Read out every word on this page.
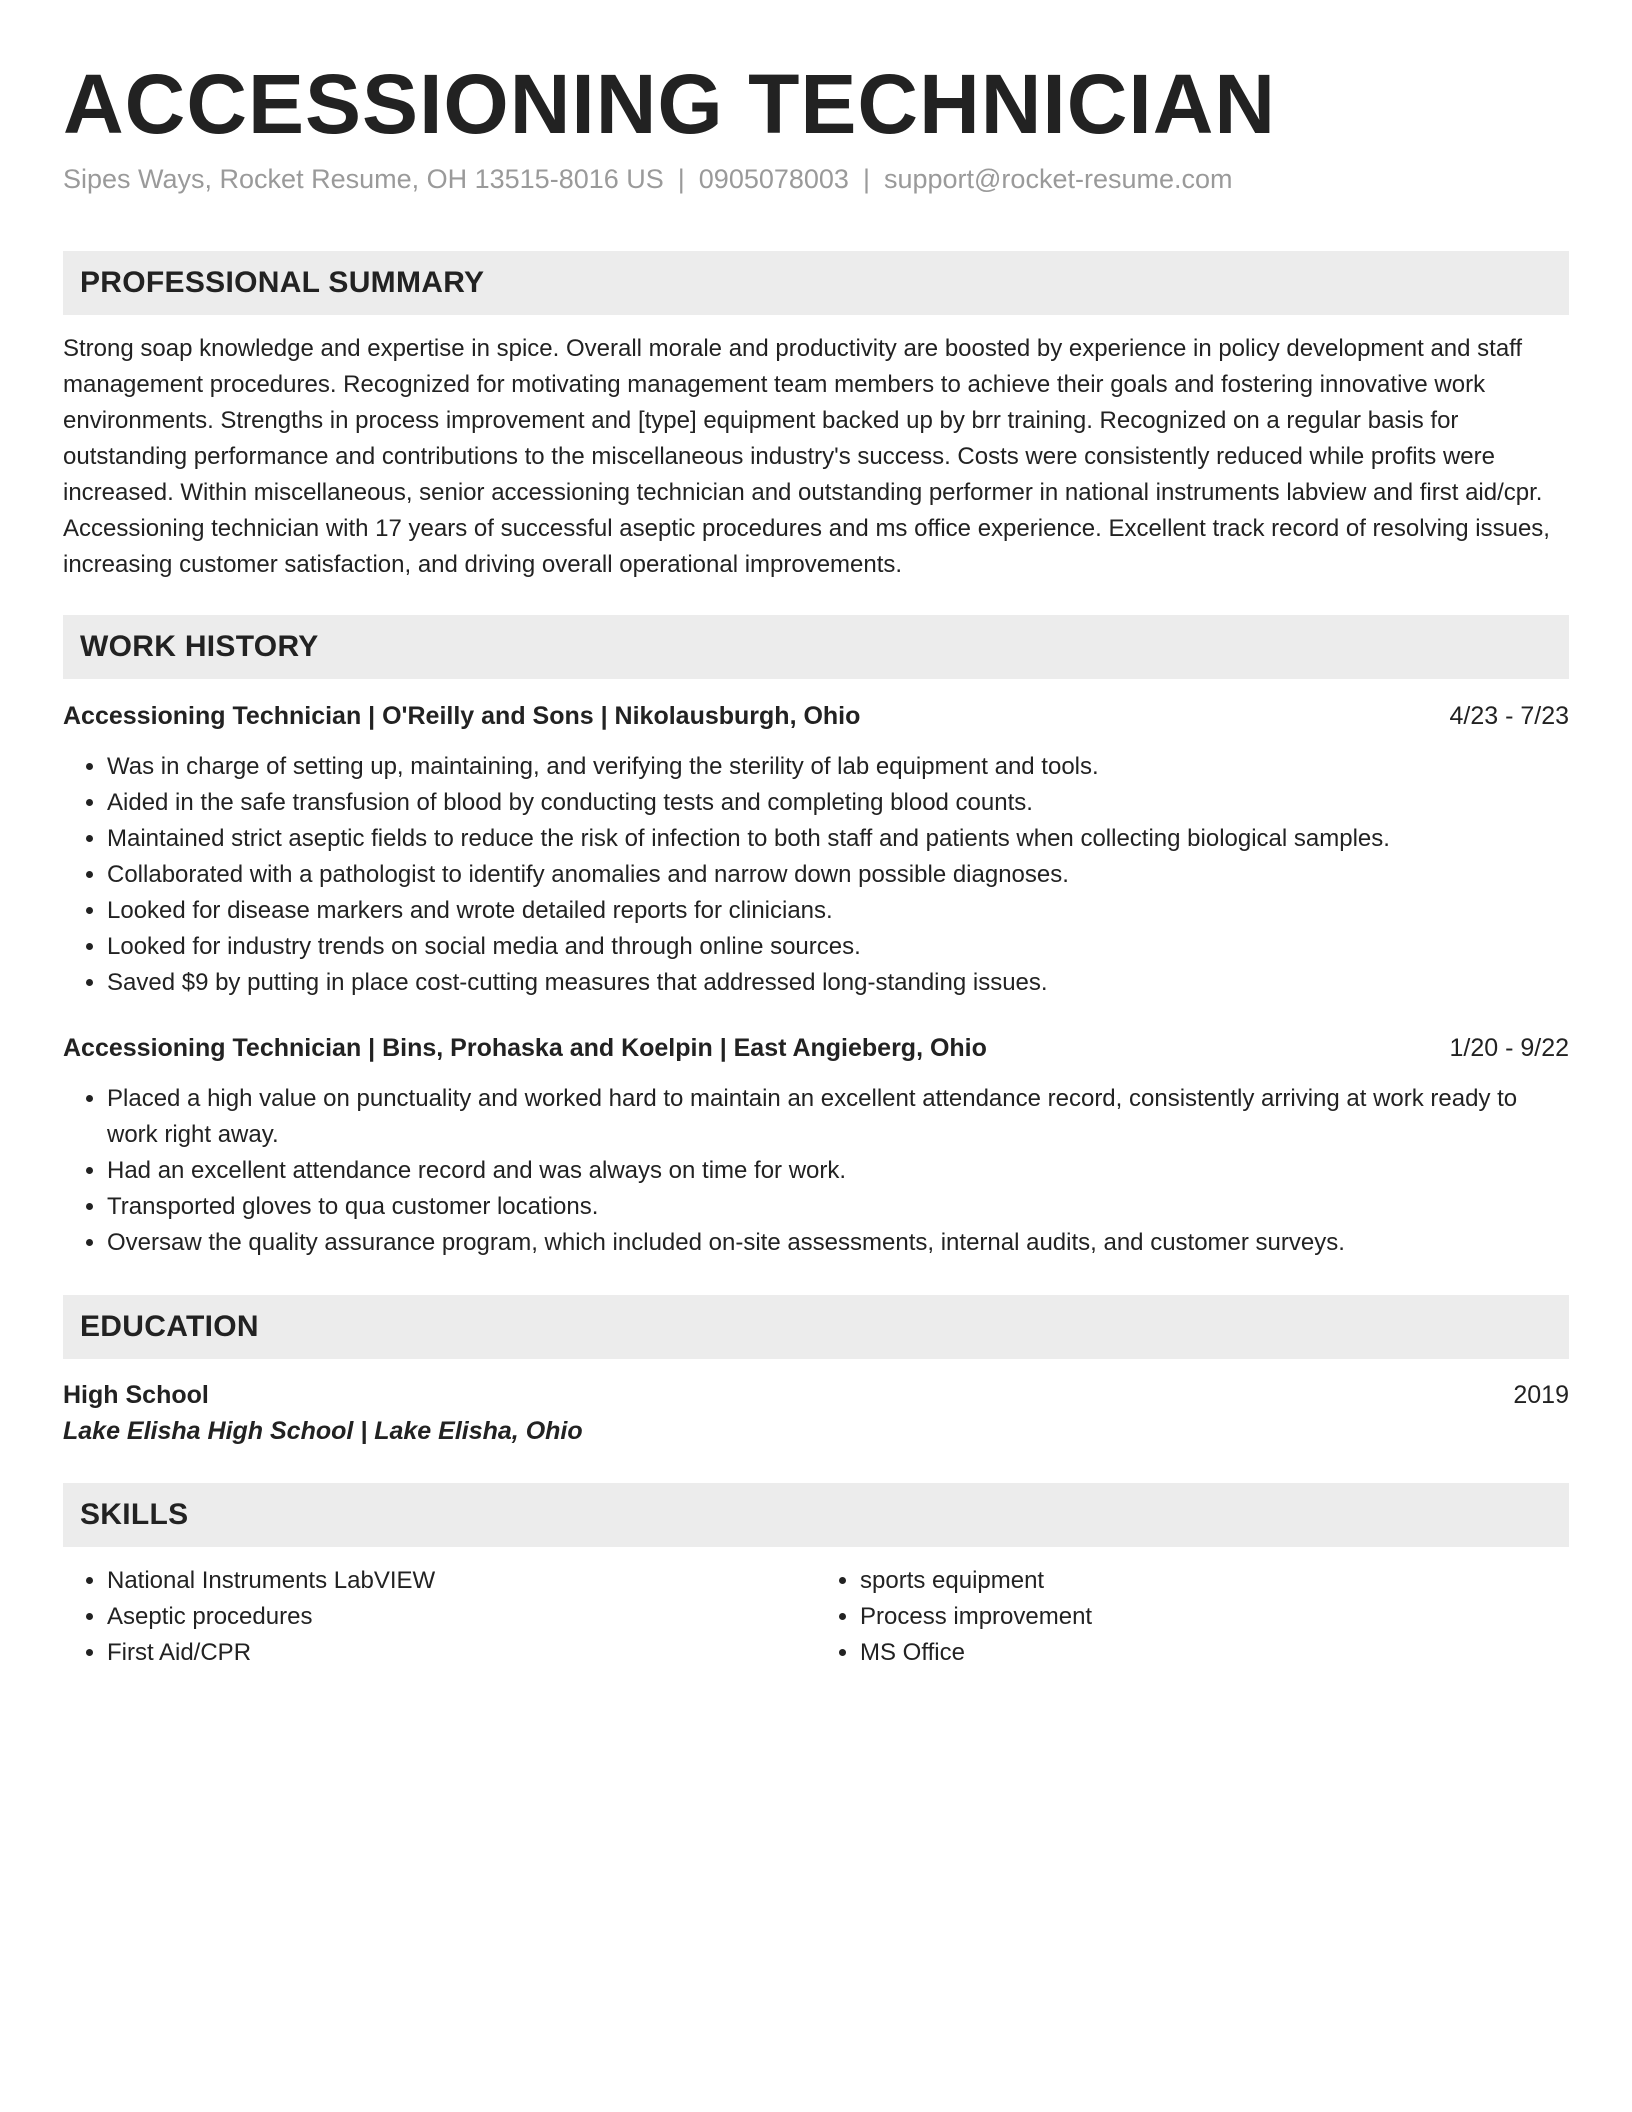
ACCESSIONING TECHNICIAN
Sipes Ways, Rocket Resume, OH 13515-8016 US | 0905078003 | support@rocket-resume.com
PROFESSIONAL SUMMARY

Strong soap knowledge and expertise in spice. Overall morale and productivity are boosted by experience in policy development and staff management procedures. Recognized for motivating management team members to achieve their goals and fostering innovative work environments. Strengths in process improvement and [type] equipment backed up by brr training. Recognized on a regular basis for outstanding performance and contributions to the miscellaneous industry's success. Costs were consistently reduced while profits were increased. Within miscellaneous, senior accessioning technician and outstanding performer in national instruments labview and first aid/cpr. Accessioning technician with 17 years of successful aseptic procedures and ms office experience. Excellent track record of resolving issues, increasing customer satisfaction, and driving overall operational improvements.

WORK HISTORY
Accessioning Technician | O'Reilly and Sons | Nikolausburgh, Ohio	4/23 - 7/23
• Was in charge of setting up, maintaining, and verifying the sterility of lab equipment and tools.
• Aided in the safe transfusion of blood by conducting tests and completing blood counts.
• Maintained strict aseptic fields to reduce the risk of infection to both staff and patients when collecting biological samples.
• Collaborated with a pathologist to identify anomalies and narrow down possible diagnoses.
• Looked for disease markers and wrote detailed reports for clinicians.
• Looked for industry trends on social media and through online sources.
• Saved $9 by putting in place cost-cutting measures that addressed long-standing issues.
Accessioning Technician | Bins, Prohaska and Koelpin | East Angieberg, Ohio	1/20 - 9/22
• Placed a high value on punctuality and worked hard to maintain an excellent attendance record, consistently arriving at work ready to work right away.
• Had an excellent attendance record and was always on time for work.
• Transported gloves to qua customer locations.
• Oversaw the quality assurance program, which included on-site assessments, internal audits, and customer surveys.
EDUCATION
High School	2019
Lake Elisha High School | Lake Elisha, Ohio
SKILLS
• National Instruments LabVIEW
• Aseptic procedures
• First Aid/CPR
• sports equipment
• Process improvement
• MS Office
